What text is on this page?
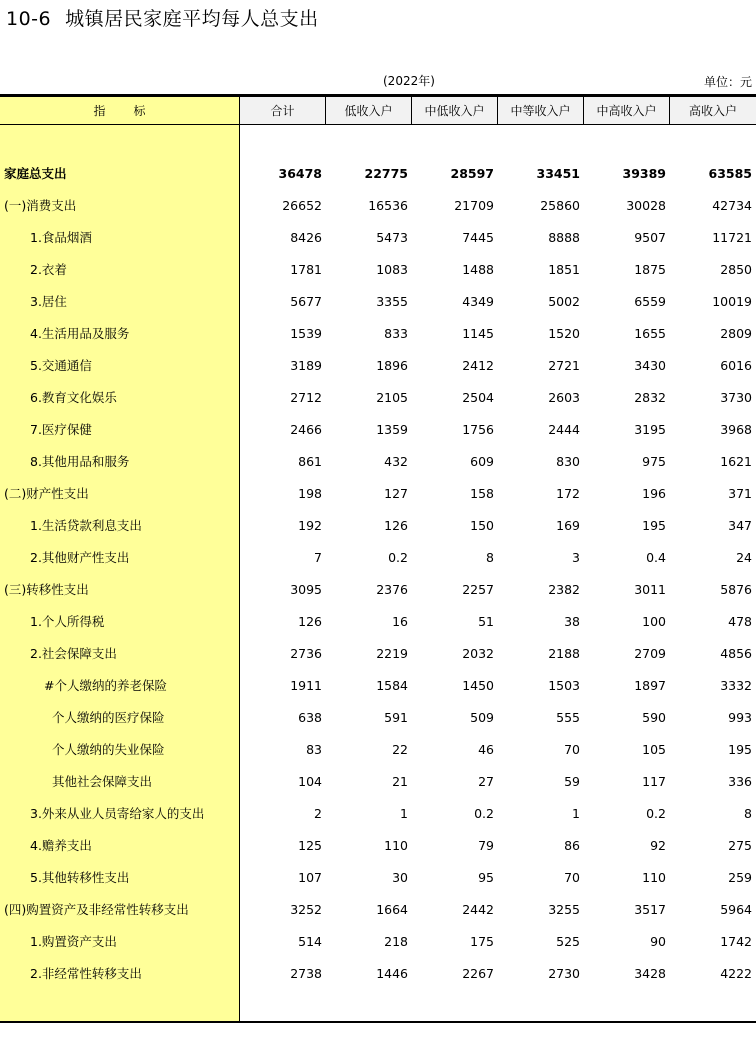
10-6 城镇居民家庭平均每人总支出
(2022年)	单位：元
指标	合计	低收入户	中低收入户	中等收入户	中高收入户	高收入户
家庭总支出	36478	22775	28597	33451	39389	63585
(一)消费支出	26652	16536	21709	25860	30028	42734
1.食品烟酒	8426	5473	7445	8888	9507	11721
2.衣着	1781	1083	1488	1851	1875	2850
3.居住	5677	3355	4349	5002	6559	10019
4.生活用品及服务	1539	833	1145	1520	1655	2809
5.交通通信	3189	1896	2412	2721	3430	6016
6.教育文化娱乐	2712	2105	2504	2603	2832	3730
7.医疗保健	2466	1359	1756	2444	3195	3968
8.其他用品和服务	861	432	609	830	975	1621
(二)财产性支出	198	127	158	172	196	371
1.生活贷款利息支出	192	126	150	169	195	347
2.其他财产性支出	7	0.2	8	3	0.4	24
(三)转移性支出	3095	2376	2257	2382	3011	5876
1.个人所得税	126	16	51	38	100	478
2.社会保障支出	2736	2219	2032	2188	2709	4856
#个人缴纳的养老保险	1911	1584	1450	1503	1897	3332
个人缴纳的医疗保险	638	591	509	555	590	993
个人缴纳的失业保险	83	22	46	70	105	195
其他社会保障支出	104	21	27	59	117	336
3.外来从业人员寄给家人的支出	2	1	0.2	1	0.2	8
4.赡养支出	125	110	79	86	92	275
5.其他转移性支出	107	30	95	70	110	259
(四)购置资产及非经常性转移支出	3252	1664	2442	3255	3517	5964
1.购置资产支出	514	218	175	525	90	1742
2.非经常性转移支出	2738	1446	2267	2730	3428	4222
